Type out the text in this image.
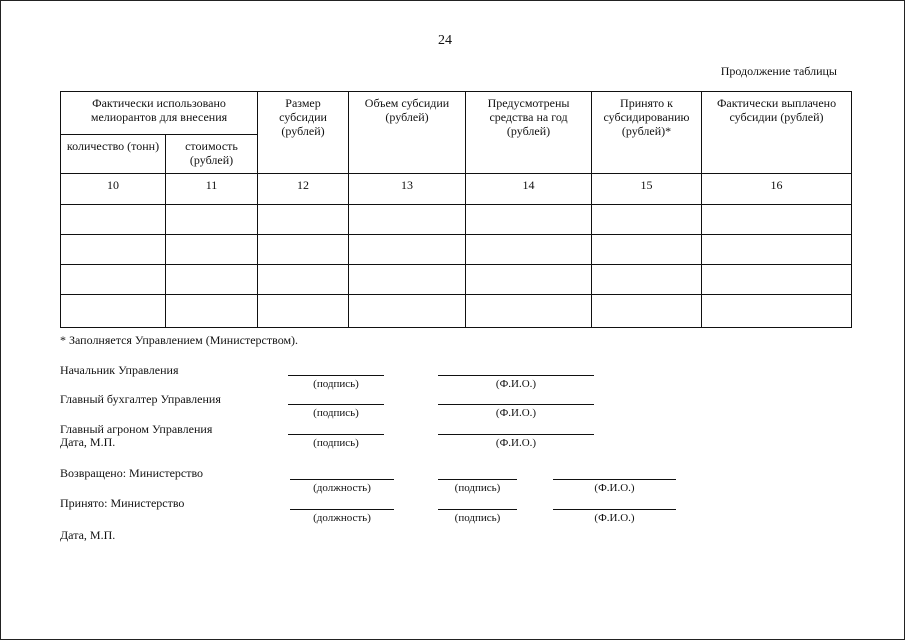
24
Продолжение таблицы
Фактически использовано мелиорантов для внесения		Размер субсидии (рублей)	Объем субсидии (рублей)	Предусмотрены средства на год (рублей)	Принято к субсидированию (рублей)*	Фактически выплачено субсидии (рублей)
количество (тонн)	стоимость (рублей)					
10	11	12	13	14	15	16

* Заполняется Управлением (Министерством).
Начальник Управления
(подпись)	(Ф.И.О.)
Главный бухгалтер Управления
(подпись)	(Ф.И.О.)
Главный агроном Управления
Дата, М.П.	(подпись)	(Ф.И.О.)
Возвращено: Министерство
(должность)	(подпись)	(Ф.И.О.)
Принято: Министерство
(должность)	(подпись)	(Ф.И.О.)
Дата, М.П.
